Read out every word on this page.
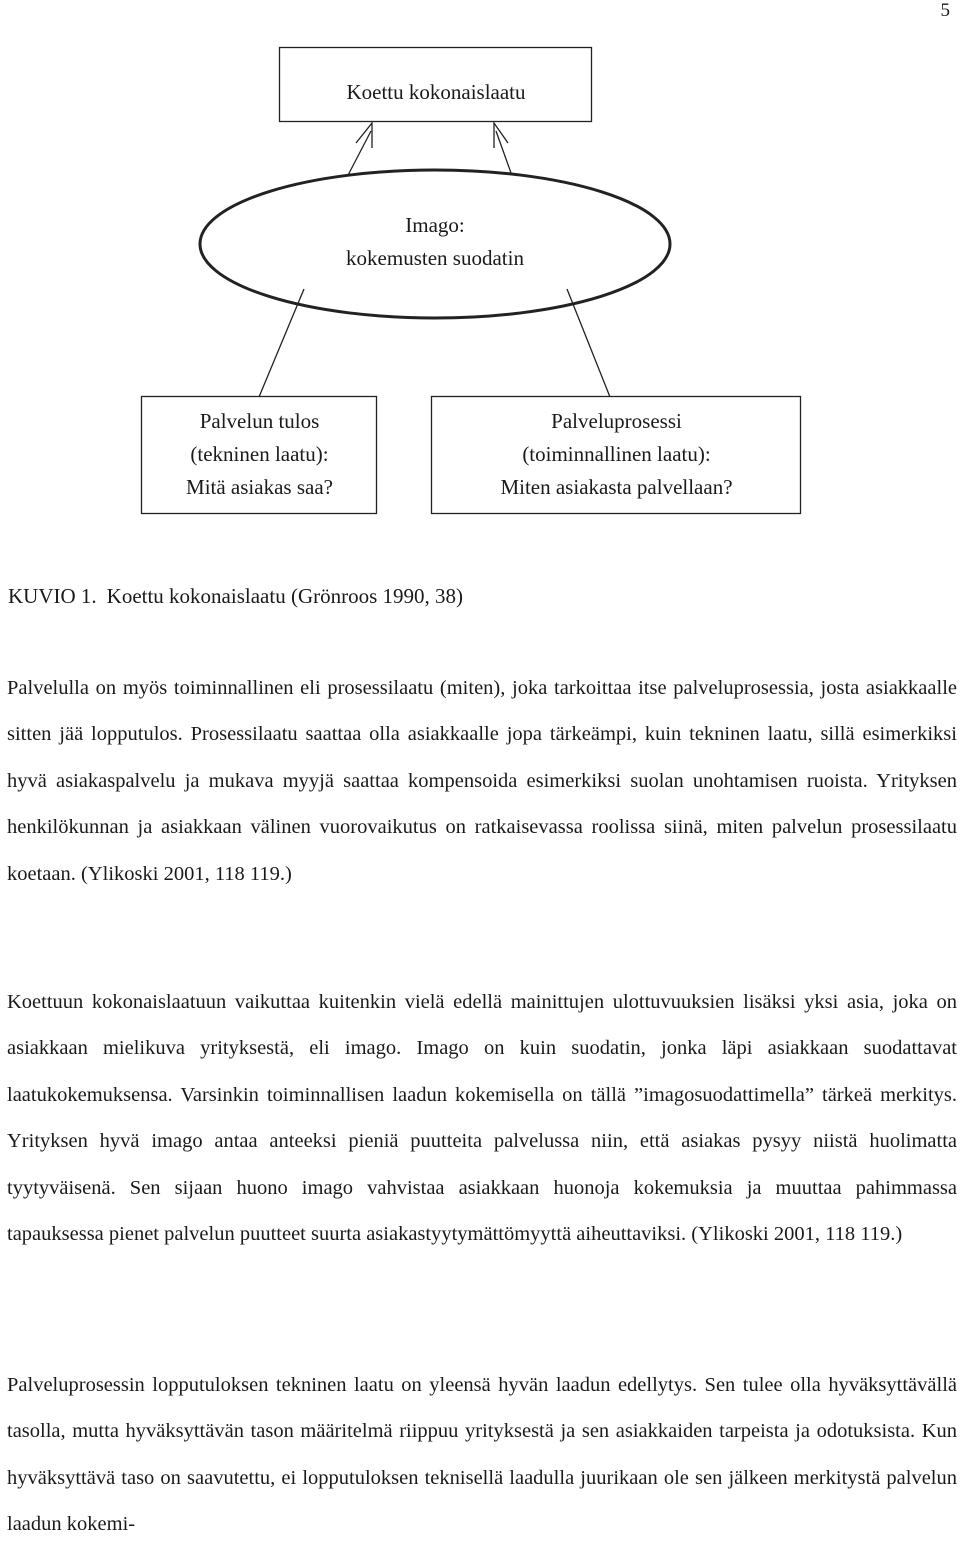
5
Koettu kokonaislaatu
Imago:
kokemusten suodatin
Palvelun tulos
(tekninen laatu):
Mitä asiakas saa?
Palveluprosessi
(toiminnallinen laatu):
Miten asiakasta palvellaan?
KUVIO 1. Koettu kokonaislaatu (Grönroos 1990, 38)

Palvelulla on myös toiminnallinen eli prosessilaatu (miten), joka tarkoittaa itse palveluprosessia, josta asiakkaalle sitten jää lopputulos. Prosessilaatu saattaa olla asiakkaalle jopa tärkeämpi, kuin tekninen laatu, sillä esimerkiksi hyvä asiakaspalvelu ja mukava myyjä saattaa kompensoida esimerkiksi suolan unohtamisen ruoista. Yrityksen henkilökunnan ja asiakkaan välinen vuorovaikutus on ratkaisevassa roolissa siinä, miten palvelun prosessilaatu koetaan. (Ylikoski 2001, 118 119.)

Koettuun kokonaislaatuun vaikuttaa kuitenkin vielä edellä mainittujen ulottuvuuksien lisäksi yksi asia, joka on asiakkaan mielikuva yrityksestä, eli imago. Imago on kuin suodatin, jonka läpi asiakkaan suodattavat laatukokemuksensa. Varsinkin toiminnallisen laadun kokemisella on tällä ”imagosuodattimella” tärkeä merkitys. Yrityksen hyvä imago antaa anteeksi pieniä puutteita palvelussa niin, että asiakas pysyy niistä huolimatta tyytyväisenä. Sen sijaan huono imago vahvistaa asiakkaan huonoja kokemuksia ja muuttaa pahimmassa tapauksessa pienet palvelun puutteet suurta asiakastyytymättömyyttä aiheuttaviksi. (Ylikoski 2001, 118 119.)

Palveluprosessin lopputuloksen tekninen laatu on yleensä hyvän laadun edellytys. Sen tulee olla hyväksyttävällä tasolla, mutta hyväksyttävän tason määritelmä riippuu yrityksestä ja sen asiakkaiden tarpeista ja odotuksista. Kun hyväksyttävä taso on saavutettu, ei lopputuloksen teknisellä laadulla juurikaan ole sen jälkeen merkitystä palvelun laadun kokemi-
